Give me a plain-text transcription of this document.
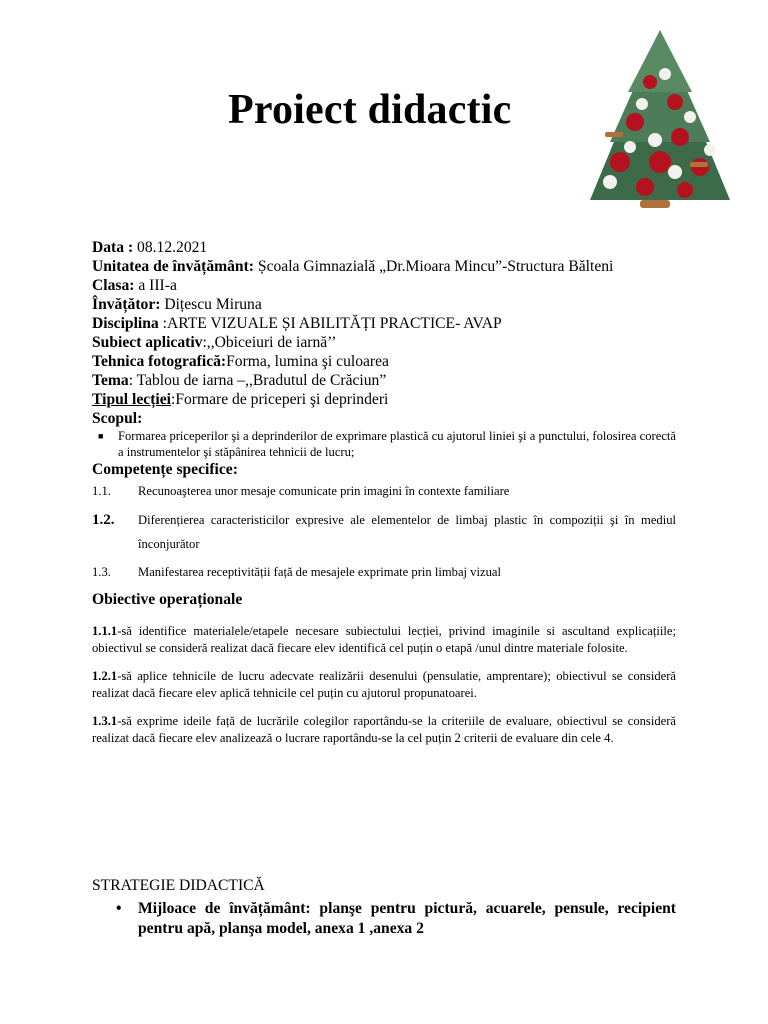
Proiect didactic
Data : 08.12.2021
Unitatea de învățământ: Școala Gimnazială „Dr.Mioara Mincu”-Structura Bălteni
Clasa: a III-a
Învățător: Dițescu Miruna
Disciplina :ARTE VIZUALE ȘI ABILITĂȚI PRACTICE- AVAP
Subiect aplicativ:,,Obiceiuri de iarnă’’
Tehnica fotografică:Forma, lumina şi culoarea
Tema: Tablou de iarna –,,Bradutul de Crăciun”
Tipul lecției:Formare de priceperi şi deprinderi
Scopul:
■ Formarea priceperilor şi a deprinderilor de exprimare plastică cu ajutorul liniei şi a punctului, folosirea corectă a instrumentelor şi stăpânirea tehnicii de lucru;
Competențe specifice:
1.1.	Recunoaşterea unor mesaje comunicate prin imagini în contexte familiare
1.2.	Diferențierea caracteristicilor expresive ale elementelor de limbaj plastic în compoziții şi în mediul înconjurător
1.3.	Manifestarea receptivității față de mesajele exprimate prin limbaj vizual
Obiective operaționale
1.1.1-să identifice materialele/etapele necesare subiectului lecției, privind imaginile si ascultand explicațiile; obiectivul se consideră realizat dacă fiecare elev identifică cel puțin o etapă /unul dintre materiale folosite.
1.2.1-să aplice tehnicile de lucru adecvate realizării desenului (pensulatie, amprentare); obiectivul se consideră realizat dacă fiecare elev aplică tehnicile cel puțin cu ajutorul propunatoarei.
1.3.1-să exprime ideile față de lucrările colegilor raportându-se la criteriile de evaluare, obiectivul se consideră realizat dacă fiecare elev analizează o lucrare raportându-se la cel puțin 2 criterii de evaluare din cele 4.
STRATEGIE DIDACTICĂ
•	Mijloace de învățământ: planşe pentru pictură, acuarele, pensule, recipient pentru apă, planşa model, anexa 1 ,anexa 2
